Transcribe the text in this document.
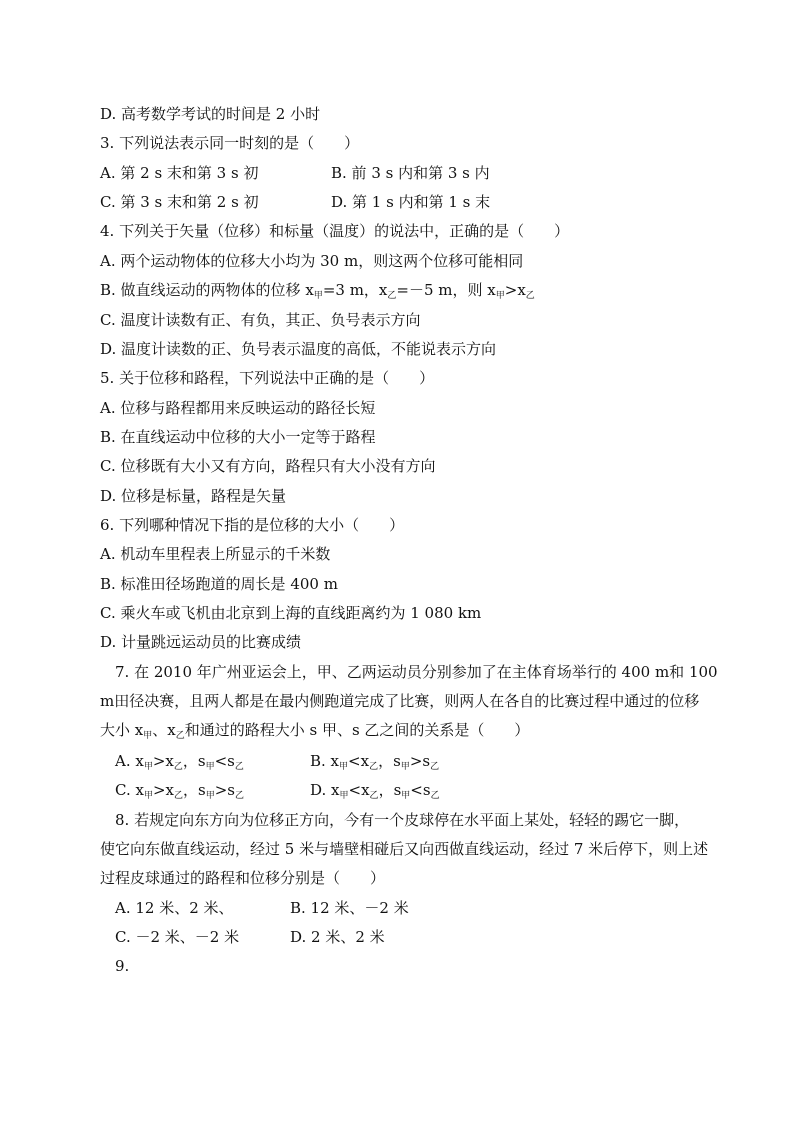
D. 高考数学考试的时间是 2 小时
3. 下列说法表示同一时刻的是（　　）
A. 第 2 s 末和第 3 s 初	B. 前 3 s 内和第 3 s 内
C. 第 3 s 末和第 2 s 初	D. 第 1 s 内和第 1 s 末
4. 下列关于矢量（位移）和标量（温度）的说法中，正确的是（　　）
A. 两个运动物体的位移大小均为 30 m，则这两个位移可能相同
B. 做直线运动的两物体的位移 $x_甲=3$ m，$x_乙=-5$ m，则 $x_甲>x_乙$
C. 温度计读数有正、有负，其正、负号表示方向
D. 温度计读数的正、负号表示温度的高低，不能说表示方向
5. 关于位移和路程，下列说法中正确的是（　　）
A. 位移与路程都用来反映运动的路径长短
B. 在直线运动中位移的大小一定等于路程
C. 位移既有大小又有方向，路程只有大小没有方向
D. 位移是标量，路程是矢量
6. 下列哪种情况下指的是位移的大小（　　）
A. 机动车里程表上所显示的千米数
B. 标准田径场跑道的周长是 400 m
C. 乘火车或飞机由北京到上海的直线距离约为 1 080 km
D. 计量跳远运动员的比赛成绩
7. 在 2010 年广州亚运会上，甲、乙两运动员分别参加了在主体育场举行的 400 m和 100
m田径决赛，且两人都是在最内侧跑道完成了比赛，则两人在各自的比赛过程中通过的位移
大小 $x_甲$、$x_乙$和通过的路程大小 s 甲、s 乙之间的关系是（　　）
A. $x_甲>x_乙$，$s_甲<s_乙$	B. $x_甲<x_乙$，$s_甲>s_乙$
C. $x_甲>x_乙$，$s_甲>s_乙$	D. $x_甲<x_乙$，$s_甲<s_乙$
8. 若规定向东方向为位移正方向，今有一个皮球停在水平面上某处，轻轻的踢它一脚，
使它向东做直线运动，经过 5 米与墙壁相碰后又向西做直线运动，经过 7 米后停下，则上述
过程皮球通过的路程和位移分别是（　　）
A. 12 米、2 米、	B. 12 米、－2 米
C. －2 米、－2 米	D. 2 米、2 米
9.
